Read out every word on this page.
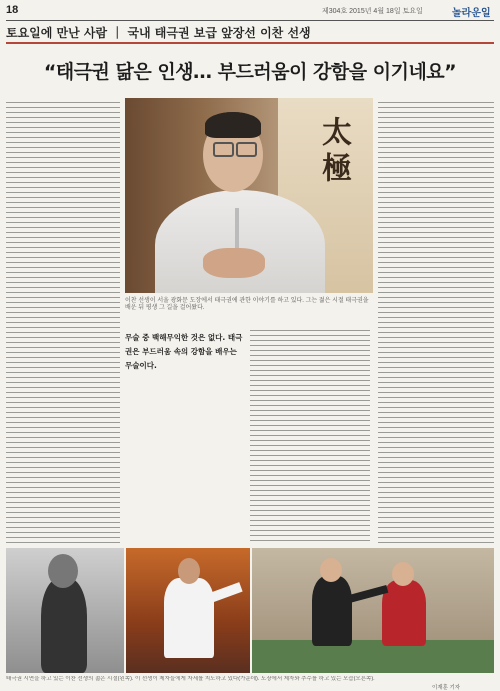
18	제304호 2015년 4월 18일 토요일	놀라운일
토요일에 만난 사람 ｜ 국내 태극권 보급 앞장선 이찬 선생
“태극권 닮은 인생… 부드러움이 강함을 이기네요”
太極
이찬 선생이 서울 광화문 도장에서 태극권에 관한 이야기를 하고 있다. 그는 젊은 시절 태극권을 배운 뒤 평생 그 길을 걸어왔다.
무술 중 백해무익한 것은 없다. 태극권은 부드러움 속의 강함을 배우는 무술이다.
태극권 시연을 하고 있는 이찬 선생의 젊은 시절(왼쪽). 이 선생이 제자들에게 자세를 지도하고 있다(가운데). 도장에서 제자와 추수를 하고 있는 모습(오른쪽).
이재훈 기자
